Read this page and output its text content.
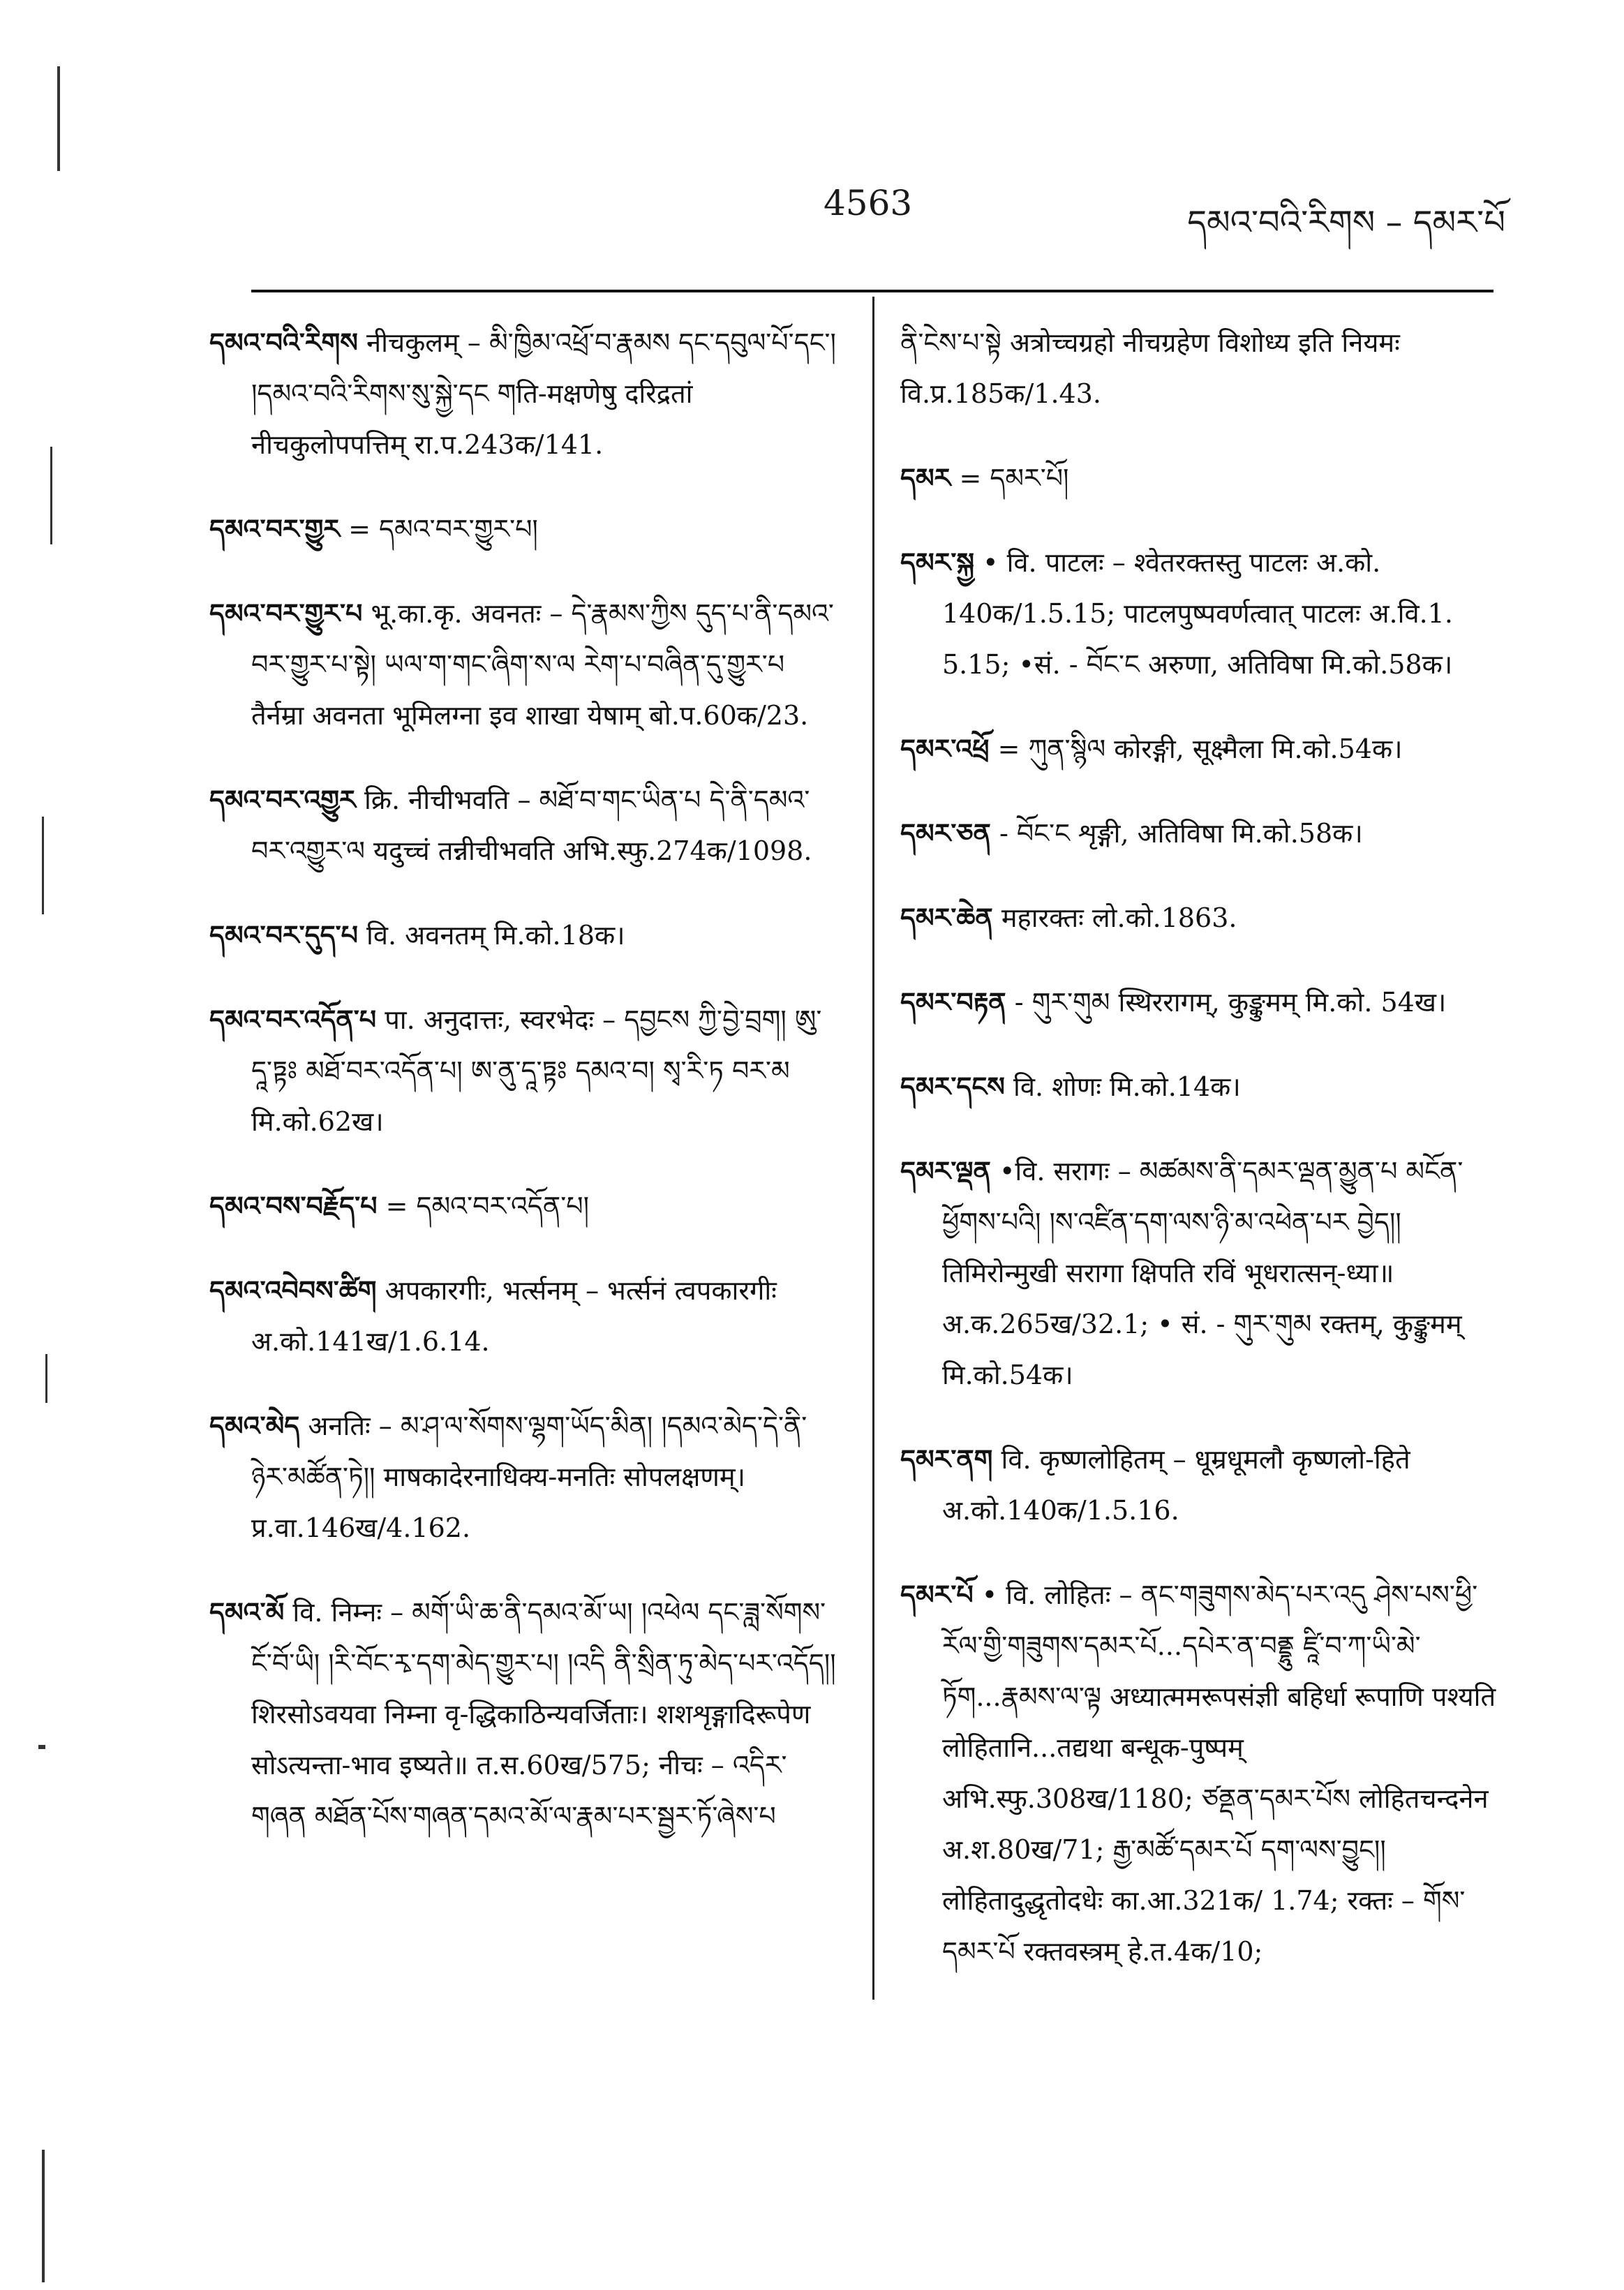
4563	དམའ་བའི་རིགས – དམར་པོ
དམའ་བའི་རིགས नीचकुलम् – མི་ཁྱིམ་འཕྲོ་བ་རྣམས དང་དབུལ་པོ་དང་། །དམའ་བའི་རིགས་སུ་སྐྱེ་དང གति-मक्षणेषु दरिद्रतां नीचकुलोपपत्तिम् रा.प.243क/141.
དམའ་བར་གྱུར = དམའ་བར་གྱུར་པ།
དམའ་བར་གྱུར་པ भू.का.कृ. अवनतः – དེ་རྣམས་ཀྱིས དུད་པ་ནི་དམའ་བར་གྱུར་པ་སྟེ། ཡལ་ག་གང་ཞིག་ས་ལ རེག་པ་བཞིན་དུ་གྱུར་པ तैर्नम्रा अवनता भूमिलग्ना इव शाखा येषाम् बो.प.60क/23.
དམའ་བར་འགྱུར क्रि. नीचीभवति – མཐོ་བ་གང་ཡིན་པ དེ་ནི་དམའ་བར་འགྱུར་ལ यदुच्चं तन्नीचीभवति अभि.स्फु.274क/1098.
དམའ་བར་དུད་པ वि. अवनतम् मि.को.18क।
དམའ་བར་འདོན་པ पा. अनुदात्तः, स्वरभेदः – དབྱངས ཀྱི་བྱེ་བྲག། ཨུ་དཱ་ཏྟཿ མཐོ་བར་འདོན་པ། ཨ་ནུ་དཱ་ཏྟཿ དམའ་བ། སྭ་རི་ཏ བར་མ मि.को.62ख।
དམའ་བས་བརྗོད་པ = དམའ་བར་འདོན་པ།
དམའ་འབེབས་ཚིག अपकारगीः, भर्त्सनम् – भर्त्सनं त्वपकारगीः अ.को.141ख/1.6.14.
དམའ་མེད अनतिः – མ་ཤ་ལ་སོགས་ལྷག་ཡོད་མིན། །དམའ་མེད་དེ་ནི་ཉེར་མཚོན་ཏེ།། माषकादेरनाधिक्य-मनतिः सोपलक्षणम्। प्र.वा.146ख/4.162.
དམའ་མོ वि. निम्नः – མགོ་ཡི་ཆ་ནི་དམའ་མོ་ཡ། །འཕེལ དང་ཟླ་སོགས་ངོ་བོ་ཡི། །རི་བོང་རྭ་དག་མེད་གྱུར་པ། །འདི ནི་སྲིན་ཏུ་མེད་པར་འདོད།། शिरसोऽवयवा निम्ना वृ-द्धिकाठिन्यवर्जिताः। शशशृङ्गादिरूपेण सोऽत्यन्ता-भाव इष्यते॥ त.स.60ख/575; नीचः – འདིར་གཞན མཐོན་པོས་གཞན་དམའ་མོ་ལ་རྣམ་པར་སྦྱར་ཏོ་ཞེས་པ
ནི་ངེས་པ་སྟེ अत्रोच्चग्रहो नीचग्रहेण विशोध्य इति नियमः वि.प्र.185क/1.43.
དམར = དམར་པོ།
དམར་སྐྱ • वि. पाटलः – श्वेतरक्तस्तु पाटलः अ.को. 140क/1.5.15; पाटलपुष्पवर्णत्वात् पाटलः अ.वि.1. 5.15; •सं. - བོང་ང अरुणा, अतिविषा मि.को.58क।
དམར་འཕྲོ = ཀུན་སྙིལ कोरङ्गी, सूक्ष्मैला मि.को.54क।
དམར་ཅན - བོང་ང शृङ्गी, अतिविषा मि.को.58क।
དམར་ཆེན महारक्तः लो.को.1863.
དམར་བརྟན - གུར་གུམ स्थिररागम्, कुङ्कुमम् मि.को. 54ख।
དམར་དངས वि. शोणः मि.को.14क।
དམར་ལྡན •वि. सरागः – མཚམས་ནི་དམར་ལྡན་མྱུན་པ མངོན་ཕྱོགས་པའི། །ས་འཛིན་དག་ལས་ཉི་མ་འཕེན་པར བྱེད།། तिमिरोन्मुखी सरागा क्षिपति रविं भूधरात्सन्-ध्या॥ अ.क.265ख/32.1; • सं. - གུར་གུམ रक्तम्, कुङ्कुमम् मि.को.54क।
དམར་ནག वि. कृष्णलोहितम् – धूम्रधूमलौ कृष्णलो-हिते अ.को.140क/1.5.16.
དམར་པོ • वि. लोहितः – ནང་གཟུགས་མེད་པར་འདུ ཤེས་པས་ཕྱི་རོལ་གྱི་གཟུགས་དམར་པོ...དཔེར་ན་བནྡྷུ ཛཱི་བ་ཀ་ཡི་མེ་ཏོག...རྣམས་ལ་ལྟ अध्यात्ममरूपसंज्ञी बहिर्धा रूपाणि पश्यति लोहितानि...तद्यथा बन्धूक-पुष्पम् अभि.स्फु.308ख/1180; ཙནྡན་དམར་པོས लोहितचन्दनेन अ.श.80ख/71; རྒྱ་མཚོ་དམར་པོ དག་ལས་བྱུང།། लोहितादुद्धृतोदधेः का.आ.321क/ 1.74; रक्तः – གོས་དམར་པོ रक्तवस्त्रम् हे.त.4क/10;
